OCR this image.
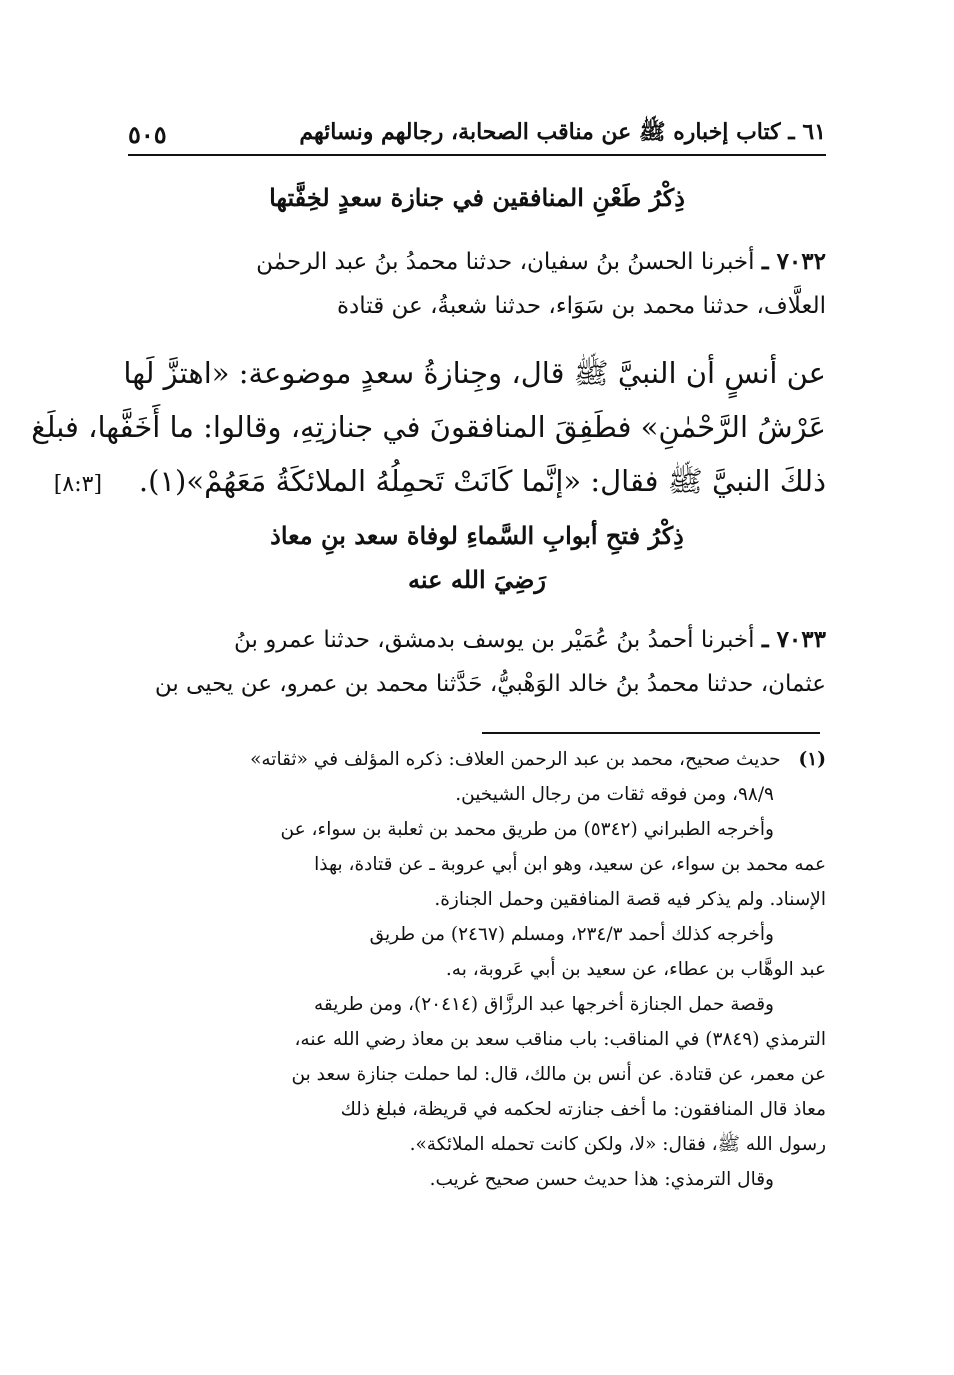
٥٠٥	٦١ ـ كتاب إخباره ﷺ عن مناقب الصحابة، رجالهم ونسائهم
ذِكْرُ طَعْنِ المنافقين في جنازة سعدٍ لخِفَّتها
٧٠٣٢ ـ أخبرنا الحسنُ بنُ سفيان، حدثنا محمدُ بنُ عبد الرحمٰن
العلَّاف، حدثنا محمد بن سَوَاء، حدثنا شعبةُ، عن قتادة
عن أنسٍ أن النبيَّ ﷺ قال، وجِنازةُ سعدٍ موضوعة: «اهتزَّ لَها
عَرْشُ الرَّحْمٰنِ» فطَفِقَ المنافقونَ في جنازتِهِ، وقالوا: ما أَخَفَّها، فبلَغ
ذلكَ النبيَّ ﷺ فقال: «إنَّما كَانَتْ تَحمِلُهُ الملائكَةُ مَعَهُمْ»(١).    [٨:٣]
ذِكْرُ فتحِ أبوابِ السَّماءِ لوفاة سعد بنِ معاذ
رَضِيَ الله عنه
٧٠٣٣ ـ أخبرنا أحمدُ بنُ عُمَيْر بن يوسف بدمشق، حدثنا عمرو بنُ
عثمان، حدثنا محمدُ بنُ خالد الوَهْبيُّ، حَدَّثنا محمد بن عمرو، عن يحيى بن
(١)حديث صحيح، محمد بن عبد الرحمن العلاف: ذكره المؤلف في «ثقاته»
٩٨/٩، ومن فوقه ثقات من رجال الشيخين.
وأخرجه الطبراني (٥٣٤٢) من طريق محمد بن ثعلبة بن سواء، عن
عمه محمد بن سواء، عن سعيد، وهو ابن أبي عروبة ـ عن قتادة، بهذا
الإسناد. ولم يذكر فيه قصة المنافقين وحمل الجنازة.
وأخرجه كذلك أحمد ٢٣٤/٣، ومسلم (٢٤٦٧) من طريق
عبد الوهَّاب بن عطاء، عن سعيد بن أبي عَروبة، به.
وقصة حمل الجنازة أخرجها عبد الرزَّاق (٢٠٤١٤)، ومن طريقه
الترمذي (٣٨٤٩) في المناقب: باب مناقب سعد بن معاذ رضي الله عنه،
عن معمر، عن قتادة. عن أنس بن مالك، قال: لما حملت جنازة سعد بن
معاذ قال المنافقون: ما أخف جنازته لحكمه في قريظة، فبلغ ذلك
رسول الله ﷺ، فقال: «لا، ولكن كانت تحمله الملائكة».
وقال الترمذي: هذا حديث حسن صحيح غريب.
